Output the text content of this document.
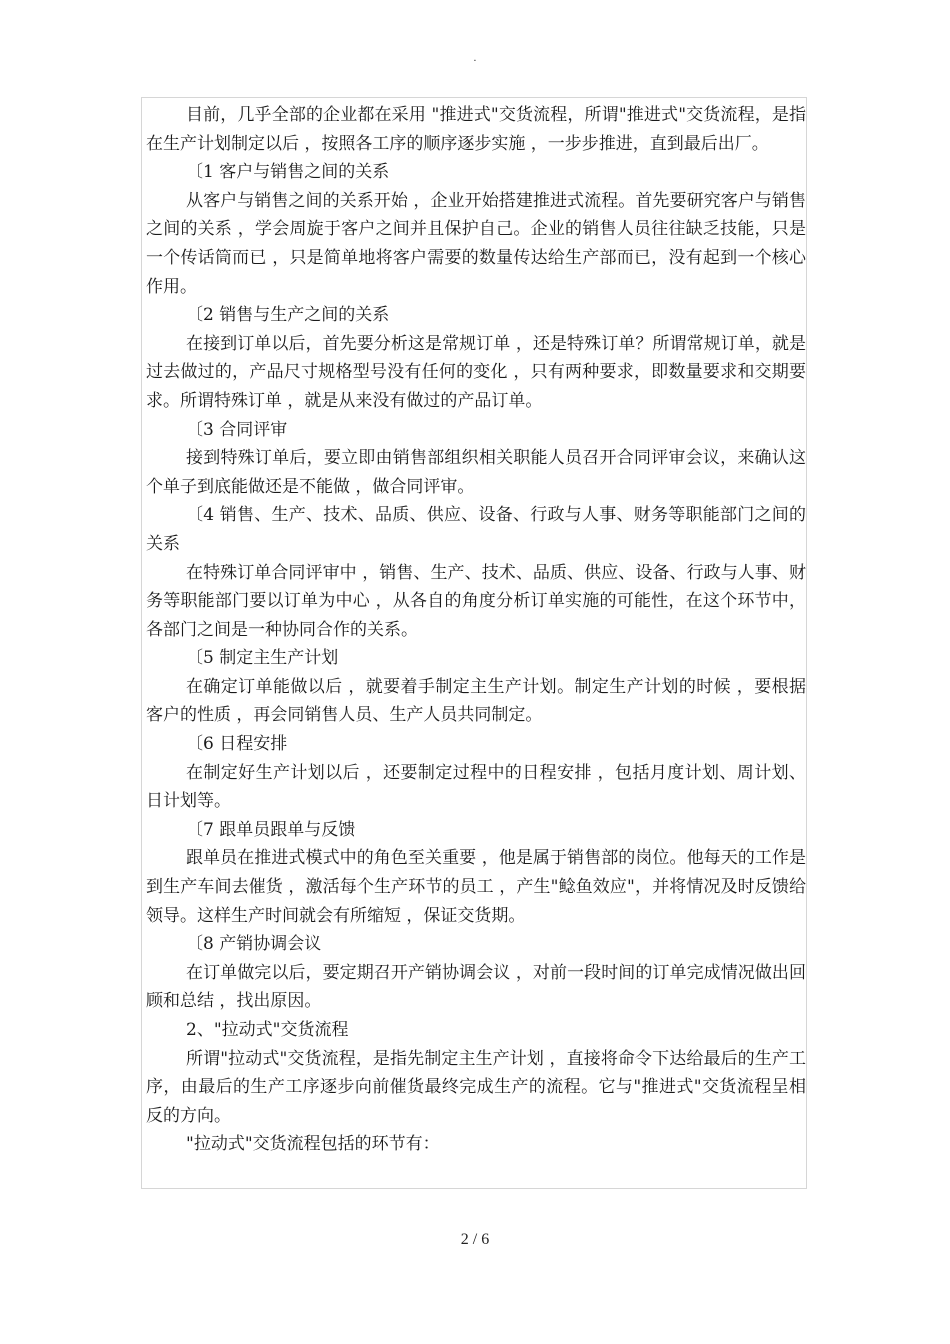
·

目前，几乎全部的企业都在采用 "推进式"交货流程，所谓"推进式"交货流程，是指在生产计划制定以后 ，按照各工序的顺序逐步实施 ，一步步推进，直到最后出厂。

〔1 客户与销售之间的关系

从客户与销售之间的关系开始 ，企业开始搭建推进式流程。首先要研究客户与销售之间的关系 ，学会周旋于客户之间并且保护自己。企业的销售人员往往缺乏技能，只是一个传话筒而已 ，只是简单地将客户需要的数量传达给生产部而已，没有起到一个核心作用。

〔2 销售与生产之间的关系

在接到订单以后，首先要分析这是常规订单 ，还是特殊订单？所谓常规订单，就是过去做过的，产品尺寸规格型号没有任何的变化 ，只有两种要求，即数量要求和交期要求。所谓特殊订单 ，就是从来没有做过的产品订单。

〔3 合同评审

接到特殊订单后，要立即由销售部组织相关职能人员召开合同评审会议，来确认这个单子到底能做还是不能做 ，做合同评审。

〔4 销售、生产、技术、品质、供应、设备、行政与人事、财务等职能部门之间的关系

在特殊订单合同评审中 ，销售、生产、技术、品质、供应、设备、行政与人事、财务等职能部门要以订单为中心 ，从各自的角度分析订单实施的可能性，在这个环节中，各部门之间是一种协同合作的关系。

〔5 制定主生产计划

在确定订单能做以后 ，就要着手制定主生产计划。制定生产计划的时候 ，要根据客户的性质 ，再会同销售人员、生产人员共同制定。

〔6 日程安排

在制定好生产计划以后 ，还要制定过程中的日程安排 ，包括月度计划、周计划、日计划等。

〔7 跟单员跟单与反馈

跟单员在推进式模式中的角色至关重要 ，他是属于销售部的岗位。他每天的工作是到生产车间去催货 ，激活每个生产环节的员工 ，产生"鲶鱼效应"，并将情况及时反馈给领导。这样生产时间就会有所缩短 ，保证交货期。

〔8 产销协调会议

在订单做完以后，要定期召开产销协调会议 ，对前一段时间的订单完成情况做出回顾和总结 ，找出原因。

2、"拉动式"交货流程

所谓"拉动式"交货流程，是指先制定主生产计划 ，直接将命令下达给最后的生产工序，由最后的生产工序逐步向前催货最终完成生产的流程。它与"推进式"交货流程呈相反的方向。

"拉动式"交货流程包括的环节有：

2 / 6
